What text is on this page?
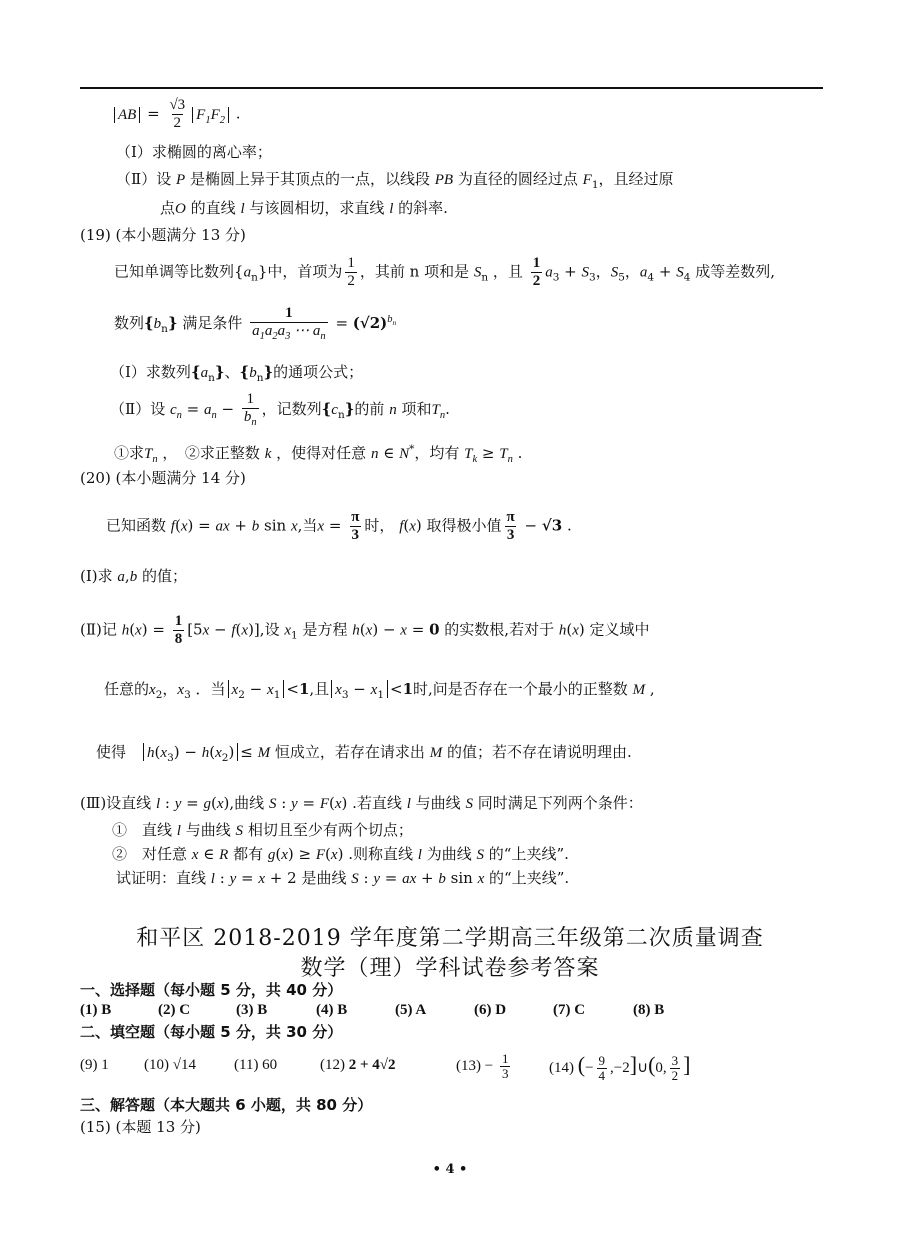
AB = $\frac{√3}{2} F_1F_2$ .
（Ⅰ）求椭圆的离心率；
（Ⅱ）设 P 是椭圆上异于其顶点的一点，以线段 PB 为直径的圆经过点 $F_1$，且经过原
点O 的直线 l 与该圆相切，求直线 l 的斜率.
(19) (本小题满分 13 分)
已知单调等比数列$\{a_n\}$中，首项为 $\frac{1}{2}$ ，其前 n 项和是 $S_n$ ，且 $\frac{1}{2} a_3 + S_3$，$S_5$，$a_4 + S_4$ 成等差数列,
数列$\{b_n\}$ 满足条件 $\frac{1}{a_1a_2a_3 \cdots a_n} = (√2)^{b_n}$
（Ⅰ）求数列$\{a_n\}$、$\{b_n\}$的通项公式；
（Ⅱ）设 $c_n = a_n - \frac{1}{b_n}$ ，记数列$\{c_n\}$的前 n 项和$T_n$.
①求$T_n$ ，　②求正整数 k ，使得对任意 n ∈ N*，均有 $T_k \ge T_n$ .
(20) (本小题满分 14 分)
已知函数 f(x) = ax + b sin x,当$x = \frac{\pi}{3}$ 时， f(x) 取得极小值 $\frac{\pi}{3} - √3$ .
(Ⅰ)求 a,b 的值；
(Ⅱ)记 $h(x) = \frac{1}{8} [5x - f(x)]$,设 $x_1$ 是方程 h(x) − x = 0 的实数根,若对于 h(x) 定义域中
任意的$x_2$，$x_3$ ．当 $x_2 - x_1 <1$,且 $x_3 - x_1 <1$时,问是否存在一个最小的正整数 M ,
使得　 $h(x_3) - h(x_2) \le M$ 恒成立，若存在请求出 M 的值；若不存在请说明理由.
(Ⅲ)设直线 l : y = g(x),曲线 S : y = F(x) .若直线 l 与曲线 S 同时满足下列两个条件：
①　直线 l 与曲线 S 相切且至少有两个切点；
②　对任意 x ∈ R 都有 g(x) ≥ F(x) .则称直线 l 为曲线 S 的“上夹线”.
试证明：直线 l : y = x + 2 是曲线 S : y = ax + b sin x 的“上夹线”.
和平区 2018-2019 学年度第二学期高三年级第二次质量调查
数学（理）学科试卷参考答案
一、选择题（每小题 5 分，共 40 分）
(1) B	(2) C	(3) B	(4) B	(5) A	(6) D	(7) C	(8) B
二、填空题（每小题 5 分，共 30 分）
(9) 1 (10) √14	(11) 60	(12) 2 + 4√2	$(13) - \frac{1}{3}$	(14) (− $\frac{9}{4}$ ,−2]∪(0, $\frac{3}{2}$ ]
三、解答题（本大题共 6 小题，共 80 分）
(15) (本题 13 分)
• 4 •
